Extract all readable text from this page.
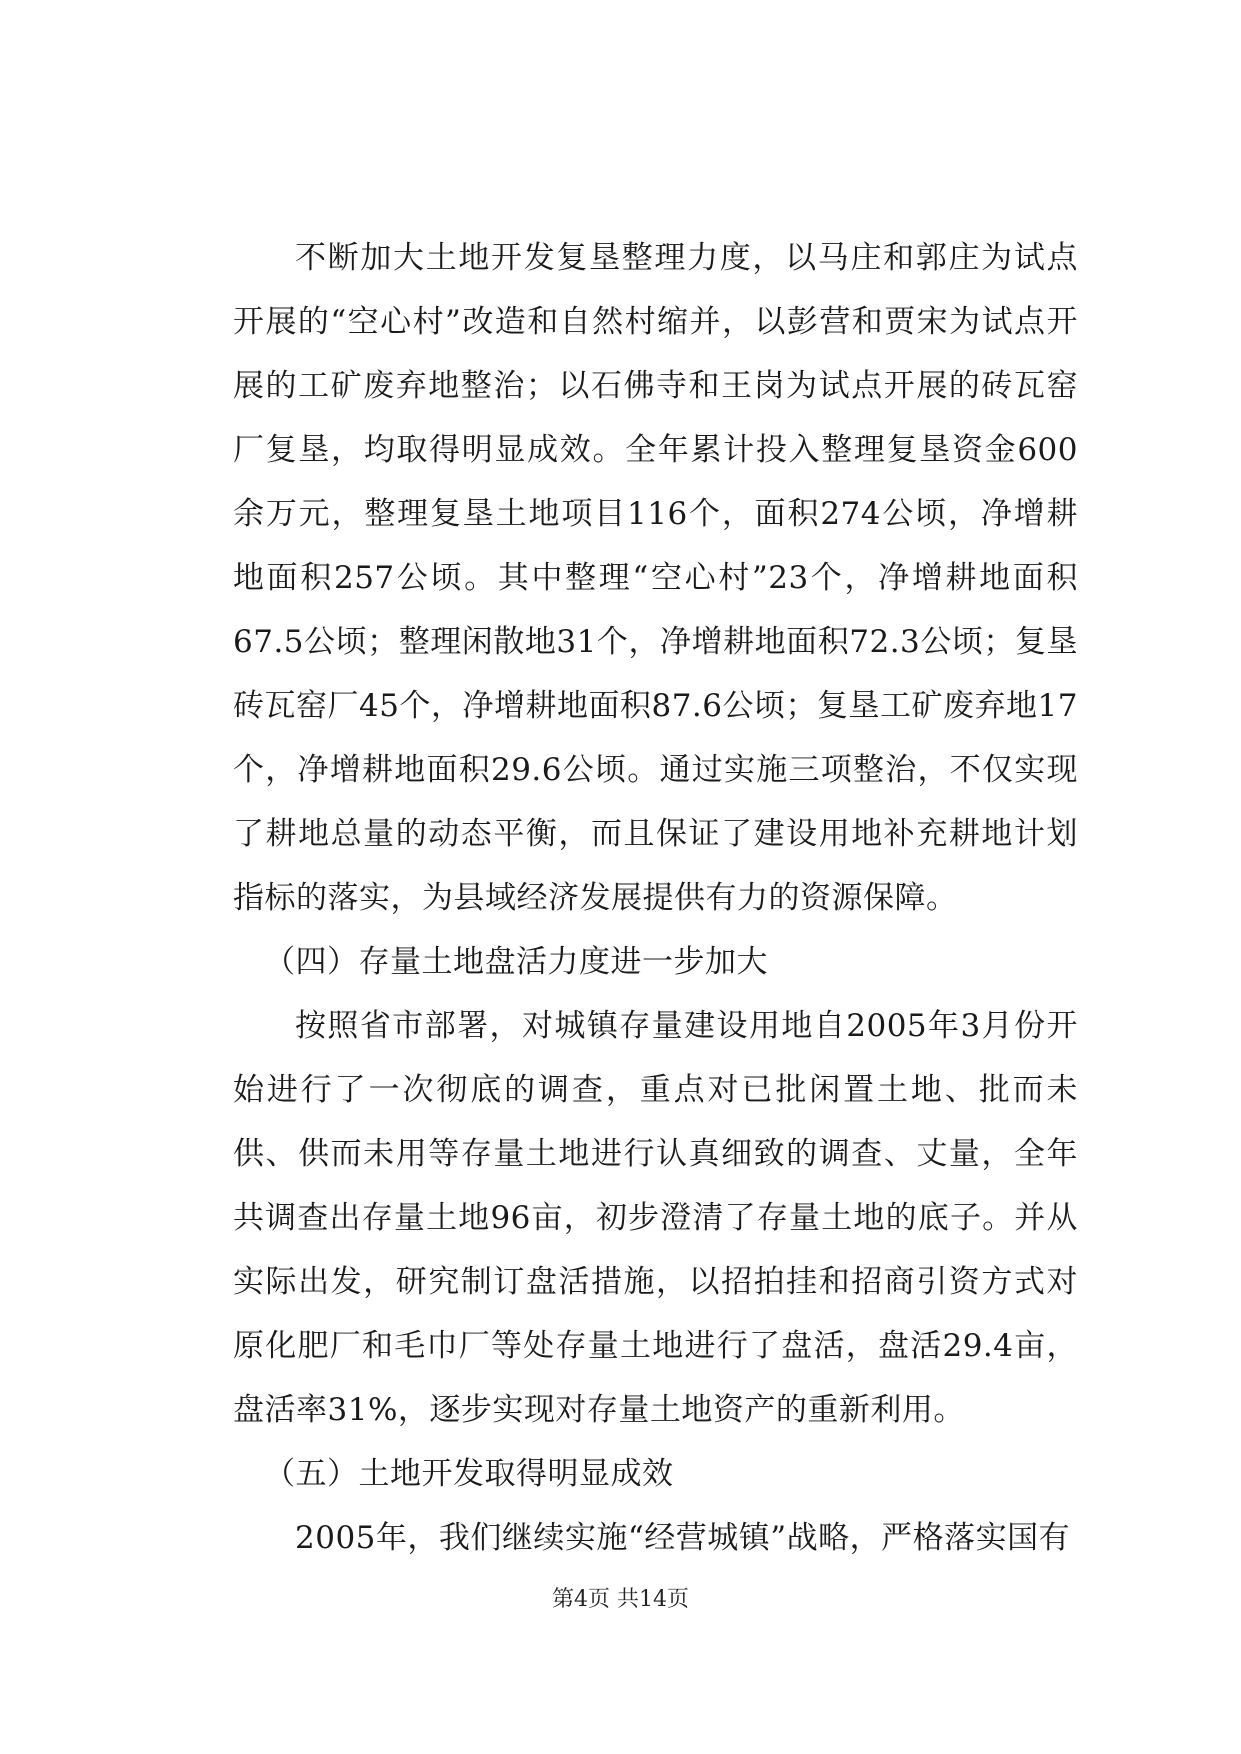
不断加大土地开发复垦整理力度，以马庄和郭庄为试点开展的“空心村”改造和自然村缩并，以彭营和贾宋为试点开展的工矿废弃地整治；以石佛寺和王岗为试点开展的砖瓦窑厂复垦，均取得明显成效。全年累计投入整理复垦资金600余万元，整理复垦土地项目116个，面积274公顷，净增耕地面积257公顷。其中整理“空心村”23个，净增耕地面积67.5公顷；整理闲散地31个，净增耕地面积72.3公顷；复垦砖瓦窑厂45个，净增耕地面积87.6公顷；复垦工矿废弃地17个，净增耕地面积29.6公顷。通过实施三项整治，不仅实现了耕地总量的动态平衡，而且保证了建设用地补充耕地计划指标的落实，为县域经济发展提供有力的资源保障。

（四）存量土地盘活力度进一步加大

按照省市部署，对城镇存量建设用地自2005年3月份开始进行了一次彻底的调查，重点对已批闲置土地、批而未供、供而未用等存量土地进行认真细致的调查、丈量，全年共调查出存量土地96亩，初步澄清了存量土地的底子。并从实际出发，研究制订盘活措施，以招拍挂和招商引资方式对原化肥厂和毛巾厂等处存量土地进行了盘活，盘活29.4亩，盘活率31%，逐步实现对存量土地资产的重新利用。

（五）土地开发取得明显成效

2005年，我们继续实施“经营城镇”战略，严格落实国有

第4页 共14页
